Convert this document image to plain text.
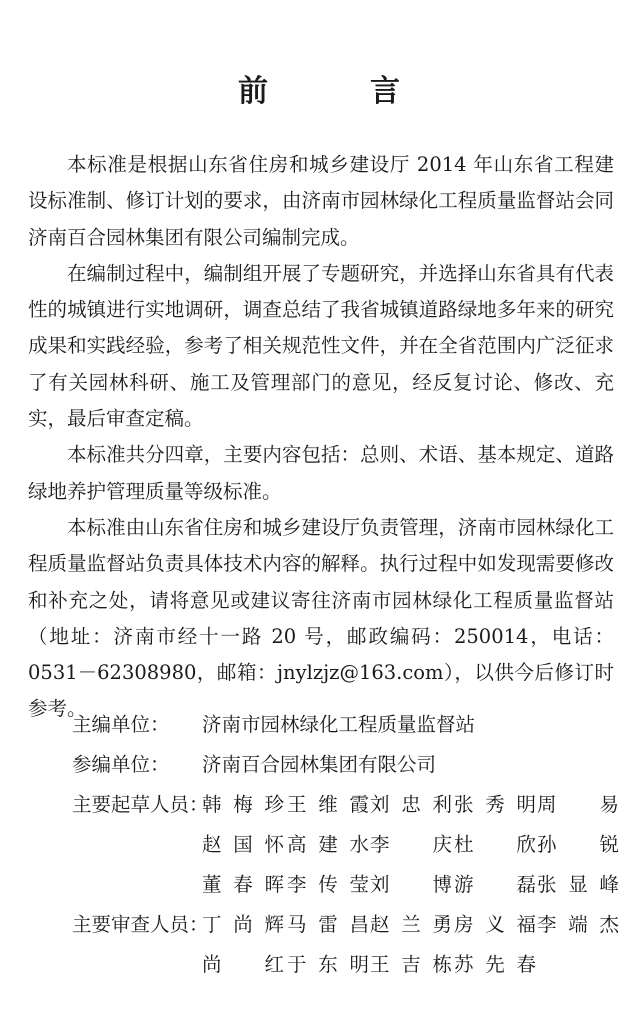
前　言

本标准是根据山东省住房和城乡建设厅 2014 年山东省工程建设标准制、修订计划的要求，由济南市园林绿化工程质量监督站会同济南百合园林集团有限公司编制完成。

在编制过程中，编制组开展了专题研究，并选择山东省具有代表性的城镇进行实地调研，调查总结了我省城镇道路绿地多年来的研究成果和实践经验，参考了相关规范性文件，并在全省范围内广泛征求了有关园林科研、施工及管理部门的意见，经反复讨论、修改、充实，最后审查定稿。

本标准共分四章，主要内容包括：总则、术语、基本规定、道路绿地养护管理质量等级标准。

本标准由山东省住房和城乡建设厅负责管理，济南市园林绿化工程质量监督站负责具体技术内容的解释。执行过程中如发现需要修改和补充之处，请将意见或建议寄往济南市园林绿化工程质量监督站（地址：济南市经十一路 20 号，邮政编码：250014，电话：0531－62308980，邮箱：jnylzjz@163.com），以供今后修订时参考。

主编单位： 济南市园林绿化工程质量监督站
参编单位： 济南百合园林集团有限公司
主要起草人员：
韩梅珍 王维霞 刘忠利 张秀明 周　易
赵国怀 高建水 李　庆 杜　欣 孙　锐
董春晖 李传莹 刘　博 游　磊 张显峰
主要审查人员：
丁尚辉 马雷昌 赵兰勇 房义福 李端杰
尚　红 于东明 王吉栋 苏先春
